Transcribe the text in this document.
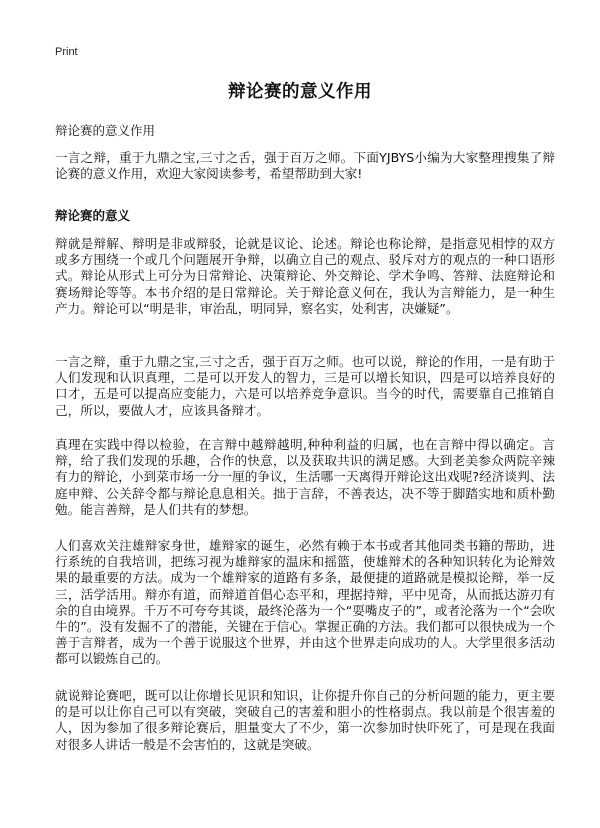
Print
辩论赛的意义作用
辩论赛的意义作用

一言之辩，重于九鼎之宝,三寸之舌，强于百万之师。下面YJBYS小编为大家整理搜集了辩论赛的意义作用，欢迎大家阅读参考，希望帮助到大家!

辩论赛的意义

辩就是辩解、辩明是非或辩驳，论就是议论、论述。辩论也称论辩，是指意见相悖的双方或多方围绕一个或几个问题展开争辩，以确立自己的观点、驳斥对方的观点的一种口语形式。辩论从形式上可分为日常辩论、决策辩论、外交辩论、学术争鸣、答辩、法庭辩论和赛场辩论等等。本书介绍的是日常辩论。关于辩论意义何在，我认为言辩能力，是一种生产力。辩论可以“明是非，审治乱，明同异，察名实，处利害，决嫌疑”。

一言之辩，重于九鼎之宝,三寸之舌，强于百万之师。也可以说，辩论的作用，一是有助于人们发现和认识真理，二是可以开发人的智力，三是可以增长知识，四是可以培养良好的口才，五是可以提高应变能力，六是可以培养竞争意识。当今的时代，需要靠自己推销自己，所以，要做人才，应该具备辩才。

真理在实践中得以检验，在言辩中越辩越明,种种利益的归属，也在言辩中得以确定。言辩，给了我们发现的乐趣，合作的快意，以及获取共识的满足感。大到老美参众两院辛辣有力的辩论，小到菜市场一分一厘的争议，生活哪一天离得开辩论这出戏呢?经济谈判、法庭申辩、公关辞令都与辩论息息相关。拙于言辞，不善表达，决不等于脚踏实地和质朴勤勉。能言善辩，是人们共有的梦想。

人们喜欢关注雄辩家身世，雄辩家的诞生，必然有赖于本书或者其他同类书籍的帮助，进行系统的自我培训，把练习视为雄辩家的温床和摇篮，使雄辩术的各种知识转化为论辩效果的最重要的方法。成为一个雄辩家的道路有多条，最便捷的道路就是模拟论辩，举一反三，活学活用。辩亦有道，而辩道首倡心态平和，理据持辩，平中见奇，从而抵达游刃有余的自由境界。千万不可夸夸其谈，最终沦落为一个“耍嘴皮子的”，或者沦落为一个“会吹牛的”。没有发掘不了的潜能，关键在于信心。掌握正确的方法。我们都可以很快成为一个善于言辩者，成为一个善于说服这个世界，并由这个世界走向成功的人。大学里很多活动都可以锻炼自己的。

就说辩论赛吧，既可以让你增长见识和知识，让你提升你自己的分析问题的能力，更主要的是可以让你自己可以有突破，突破自己的害羞和胆小的性格弱点。我以前是个很害羞的人，因为参加了很多辩论赛后，胆量变大了不少，第一次参加时快吓死了，可是现在我面对很多人讲话一般是不会害怕的，这就是突破。
